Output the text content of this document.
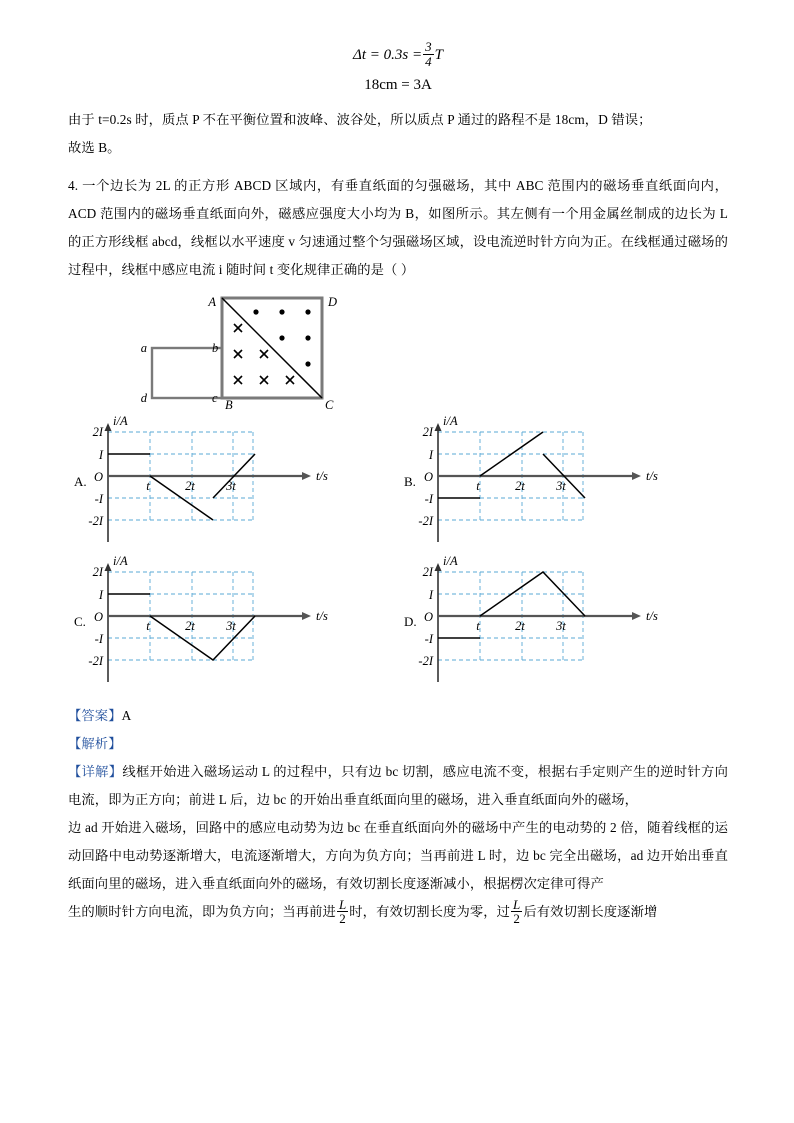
$\Delta t = 0.3s = \frac{3}{4}$ T
18cm = 3A

由于 t=0.2s 时，质点 P 不在平衡位置和波峰、波谷处，所以质点 P 通过的路程不是 18cm，D 错误；

故选 B。

4. 一个边长为 2L 的正方形 ABCD 区域内，有垂直纸面的匀强磁场，其中 ABC 范围内的磁场垂直纸面向内，ACD 范围内的磁场垂直纸面向外，磁感应强度大小均为 B，如图所示。其左侧有一个用金属丝制成的边长为 L 的正方形线框 abcd，线框以水平速度 v 匀速通过整个匀强磁场区域，设电流逆时针方向为正。在线框通过磁场的过程中，线框中感应电流 i 随时间 t 变化规律正确的是（ ）

A	D
B	C
a	b
d	c
A.
2I
I
O
-I
-2I
t	2t	3t
i/A
t/s	B.
2I
I
O
-I
-2I
t	2t	3t
i/A
t/s
C.
2I
I
O
-I
-2I
t	2t	3t
i/A
t/s	D.
2I
I
O
-I
-2I
t	2t	3t
i/A
t/s

【答案】A

【解析】

【详解】线框开始进入磁场运动 L 的过程中，只有边 bc 切割，感应电流不变，根据右手定则产生的逆时针方向电流，即为正方向；前进 L 后，边 bc 的开始出垂直纸面向里的磁场，进入垂直纸面向外的磁场，

边 ad 开始进入磁场，回路中的感应电动势为边 bc 在垂直纸面向外的磁场中产生的电动势的 2 倍，随着线框的运动回路中电动势逐渐增大，电流逐渐增大，方向为负方向；当再前进 L 时，边 bc 完全出磁场，ad 边开始出垂直纸面向里的磁场，进入垂直纸面向外的磁场，有效切割长度逐渐减小，根据楞次定律可得产

生的顺时针方向电流，即为负方向；当再前进 $\frac{L}{2}$ 时，有效切割长度为零，过 $\frac{L}{2}$ 后有效切割长度逐渐增
